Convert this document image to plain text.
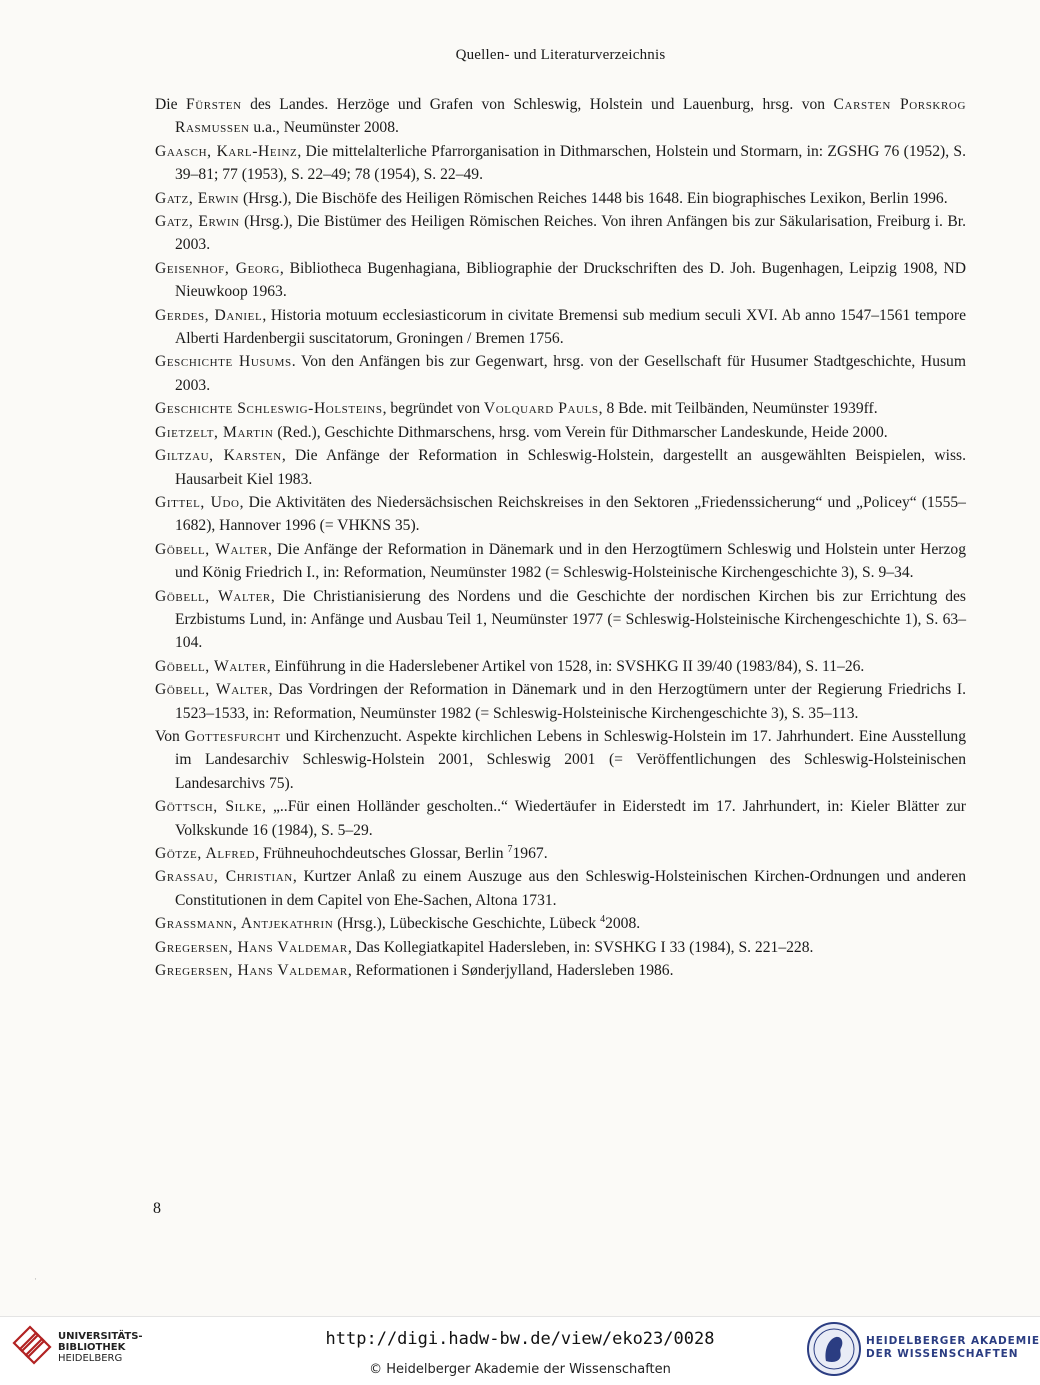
Quellen- und Literaturverzeichnis

Die Fürsten des Landes. Herzöge und Grafen von Schleswig, Holstein und Lauenburg, hrsg. von Carsten Porskrog Rasmussen u.a., Neumünster 2008.

Gaasch, Karl-Heinz, Die mittelalterliche Pfarrorganisation in Dithmarschen, Holstein und Stormarn, in: ZGSHG 76 (1952), S. 39–81; 77 (1953), S. 22–49; 78 (1954), S. 22–49.

Gatz, Erwin (Hrsg.), Die Bischöfe des Heiligen Römischen Reiches 1448 bis 1648. Ein biographisches Lexikon, Berlin 1996.

Gatz, Erwin (Hrsg.), Die Bistümer des Heiligen Römischen Reiches. Von ihren Anfängen bis zur Säkularisation, Freiburg i. Br. 2003.

Geisenhof, Georg, Bibliotheca Bugenhagiana, Bibliographie der Druckschriften des D. Joh. Bugenhagen, Leipzig 1908, ND Nieuwkoop 1963.

Gerdes, Daniel, Historia motuum ecclesiasticorum in civitate Bremensi sub medium seculi XVI. Ab anno 1547–1561 tempore Alberti Hardenbergii suscitatorum, Groningen / Bremen 1756.

Geschichte Husums. Von den Anfängen bis zur Gegenwart, hrsg. von der Gesellschaft für Husumer Stadtgeschichte, Husum 2003.

Geschichte Schleswig-Holsteins, begründet von Volquard Pauls, 8 Bde. mit Teilbänden, Neumünster 1939ff.

Gietzelt, Martin (Red.), Geschichte Dithmarschens, hrsg. vom Verein für Dithmarscher Landeskunde, Heide 2000.

Giltzau, Karsten, Die Anfänge der Reformation in Schleswig-Holstein, dargestellt an ausgewählten Beispielen, wiss. Hausarbeit Kiel 1983.

Gittel, Udo, Die Aktivitäten des Niedersächsischen Reichskreises in den Sektoren „Friedenssicherung“ und „Policey“ (1555–1682), Hannover 1996 (= VHKNS 35).

Göbell, Walter, Die Anfänge der Reformation in Dänemark und in den Herzogtümern Schleswig und Holstein unter Herzog und König Friedrich I., in: Reformation, Neumünster 1982 (= Schleswig-Holsteinische Kirchengeschichte 3), S. 9–34.

Göbell, Walter, Die Christianisierung des Nordens und die Geschichte der nordischen Kirchen bis zur Errichtung des Erzbistums Lund, in: Anfänge und Ausbau Teil 1, Neumünster 1977 (= Schleswig-Holsteinische Kirchengeschichte 1), S. 63–104.

Göbell, Walter, Einführung in die Haderslebener Artikel von 1528, in: SVSHKG II 39/40 (1983/84), S. 11–26.

Göbell, Walter, Das Vordringen der Reformation in Dänemark und in den Herzogtümern unter der Regierung Friedrichs I. 1523–1533, in: Reformation, Neumünster 1982 (= Schleswig-Holsteinische Kirchengeschichte 3), S. 35–113.

Von Gottesfurcht und Kirchenzucht. Aspekte kirchlichen Lebens in Schleswig-Holstein im 17. Jahrhundert. Eine Ausstellung im Landesarchiv Schleswig-Holstein 2001, Schleswig 2001 (= Veröffentlichungen des Schleswig-Holsteinischen Landesarchivs 75).

Göttsch, Silke, „..Für einen Holländer gescholten..“ Wiedertäufer in Eiderstedt im 17. Jahrhundert, in: Kieler Blätter zur Volkskunde 16 (1984), S. 5–29.

Götze, Alfred, Frühneuhochdeutsches Glossar, Berlin $^7$1967.

Grassau, Christian, Kurtzer Anlaß zu einem Auszuge aus den Schleswig-Holsteinischen Kirchen-Ordnungen und anderen Constitutionen in dem Capitel von Ehe-Sachen, Altona 1731.

Grassmann, Antjekathrin (Hrsg.), Lübeckische Geschichte, Lübeck $^4$2008.

Gregersen, Hans Valdemar, Das Kollegiatkapitel Hadersleben, in: SVSHKG I 33 (1984), S. 221–228.

Gregersen, Hans Valdemar, Reformationen i Sønderjylland, Hadersleben 1986.

8
·
UNIVERSITÄTS-
BIBLIOTHEK
HEIDELBERG
http://digi.hadw-bw.de/view/eko23/0028
© Heidelberger Akademie der Wissenschaften
HEIDELBERGER AKADEMIE
DER WISSENSCHAFTEN
